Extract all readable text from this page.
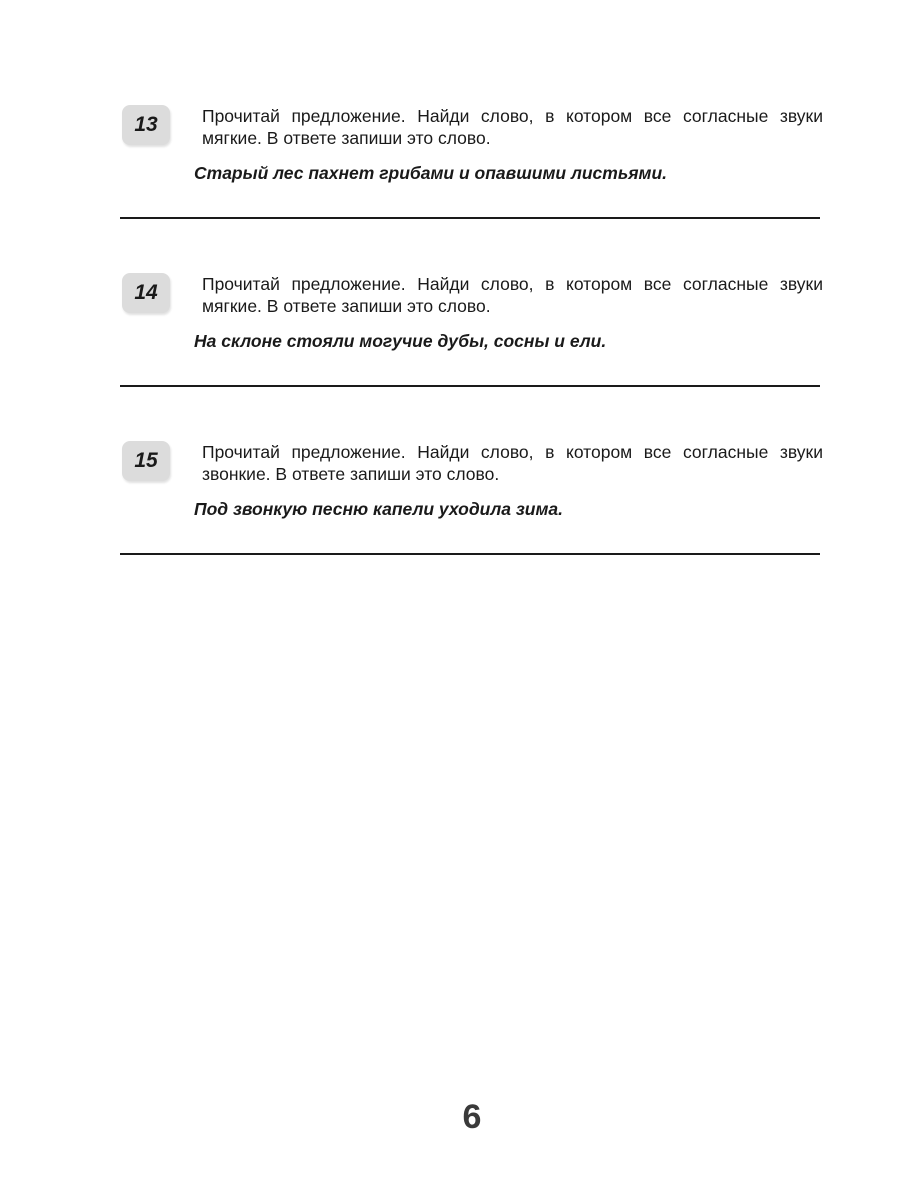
13	Прочитай предложение. Найди слово, в котором все согласные звуки мягкие. В ответе запиши это слово.
Старый лес пахнет грибами и опавшими листьями.
14	Прочитай предложение. Найди слово, в котором все согласные звуки мягкие. В ответе запиши это слово.
На склоне стояли могучие дубы, сосны и ели.
15	Прочитай предложение. Найди слово, в котором все согласные звуки звонкие. В ответе запиши это слово.
Под звонкую песню капели уходила зима.
6
